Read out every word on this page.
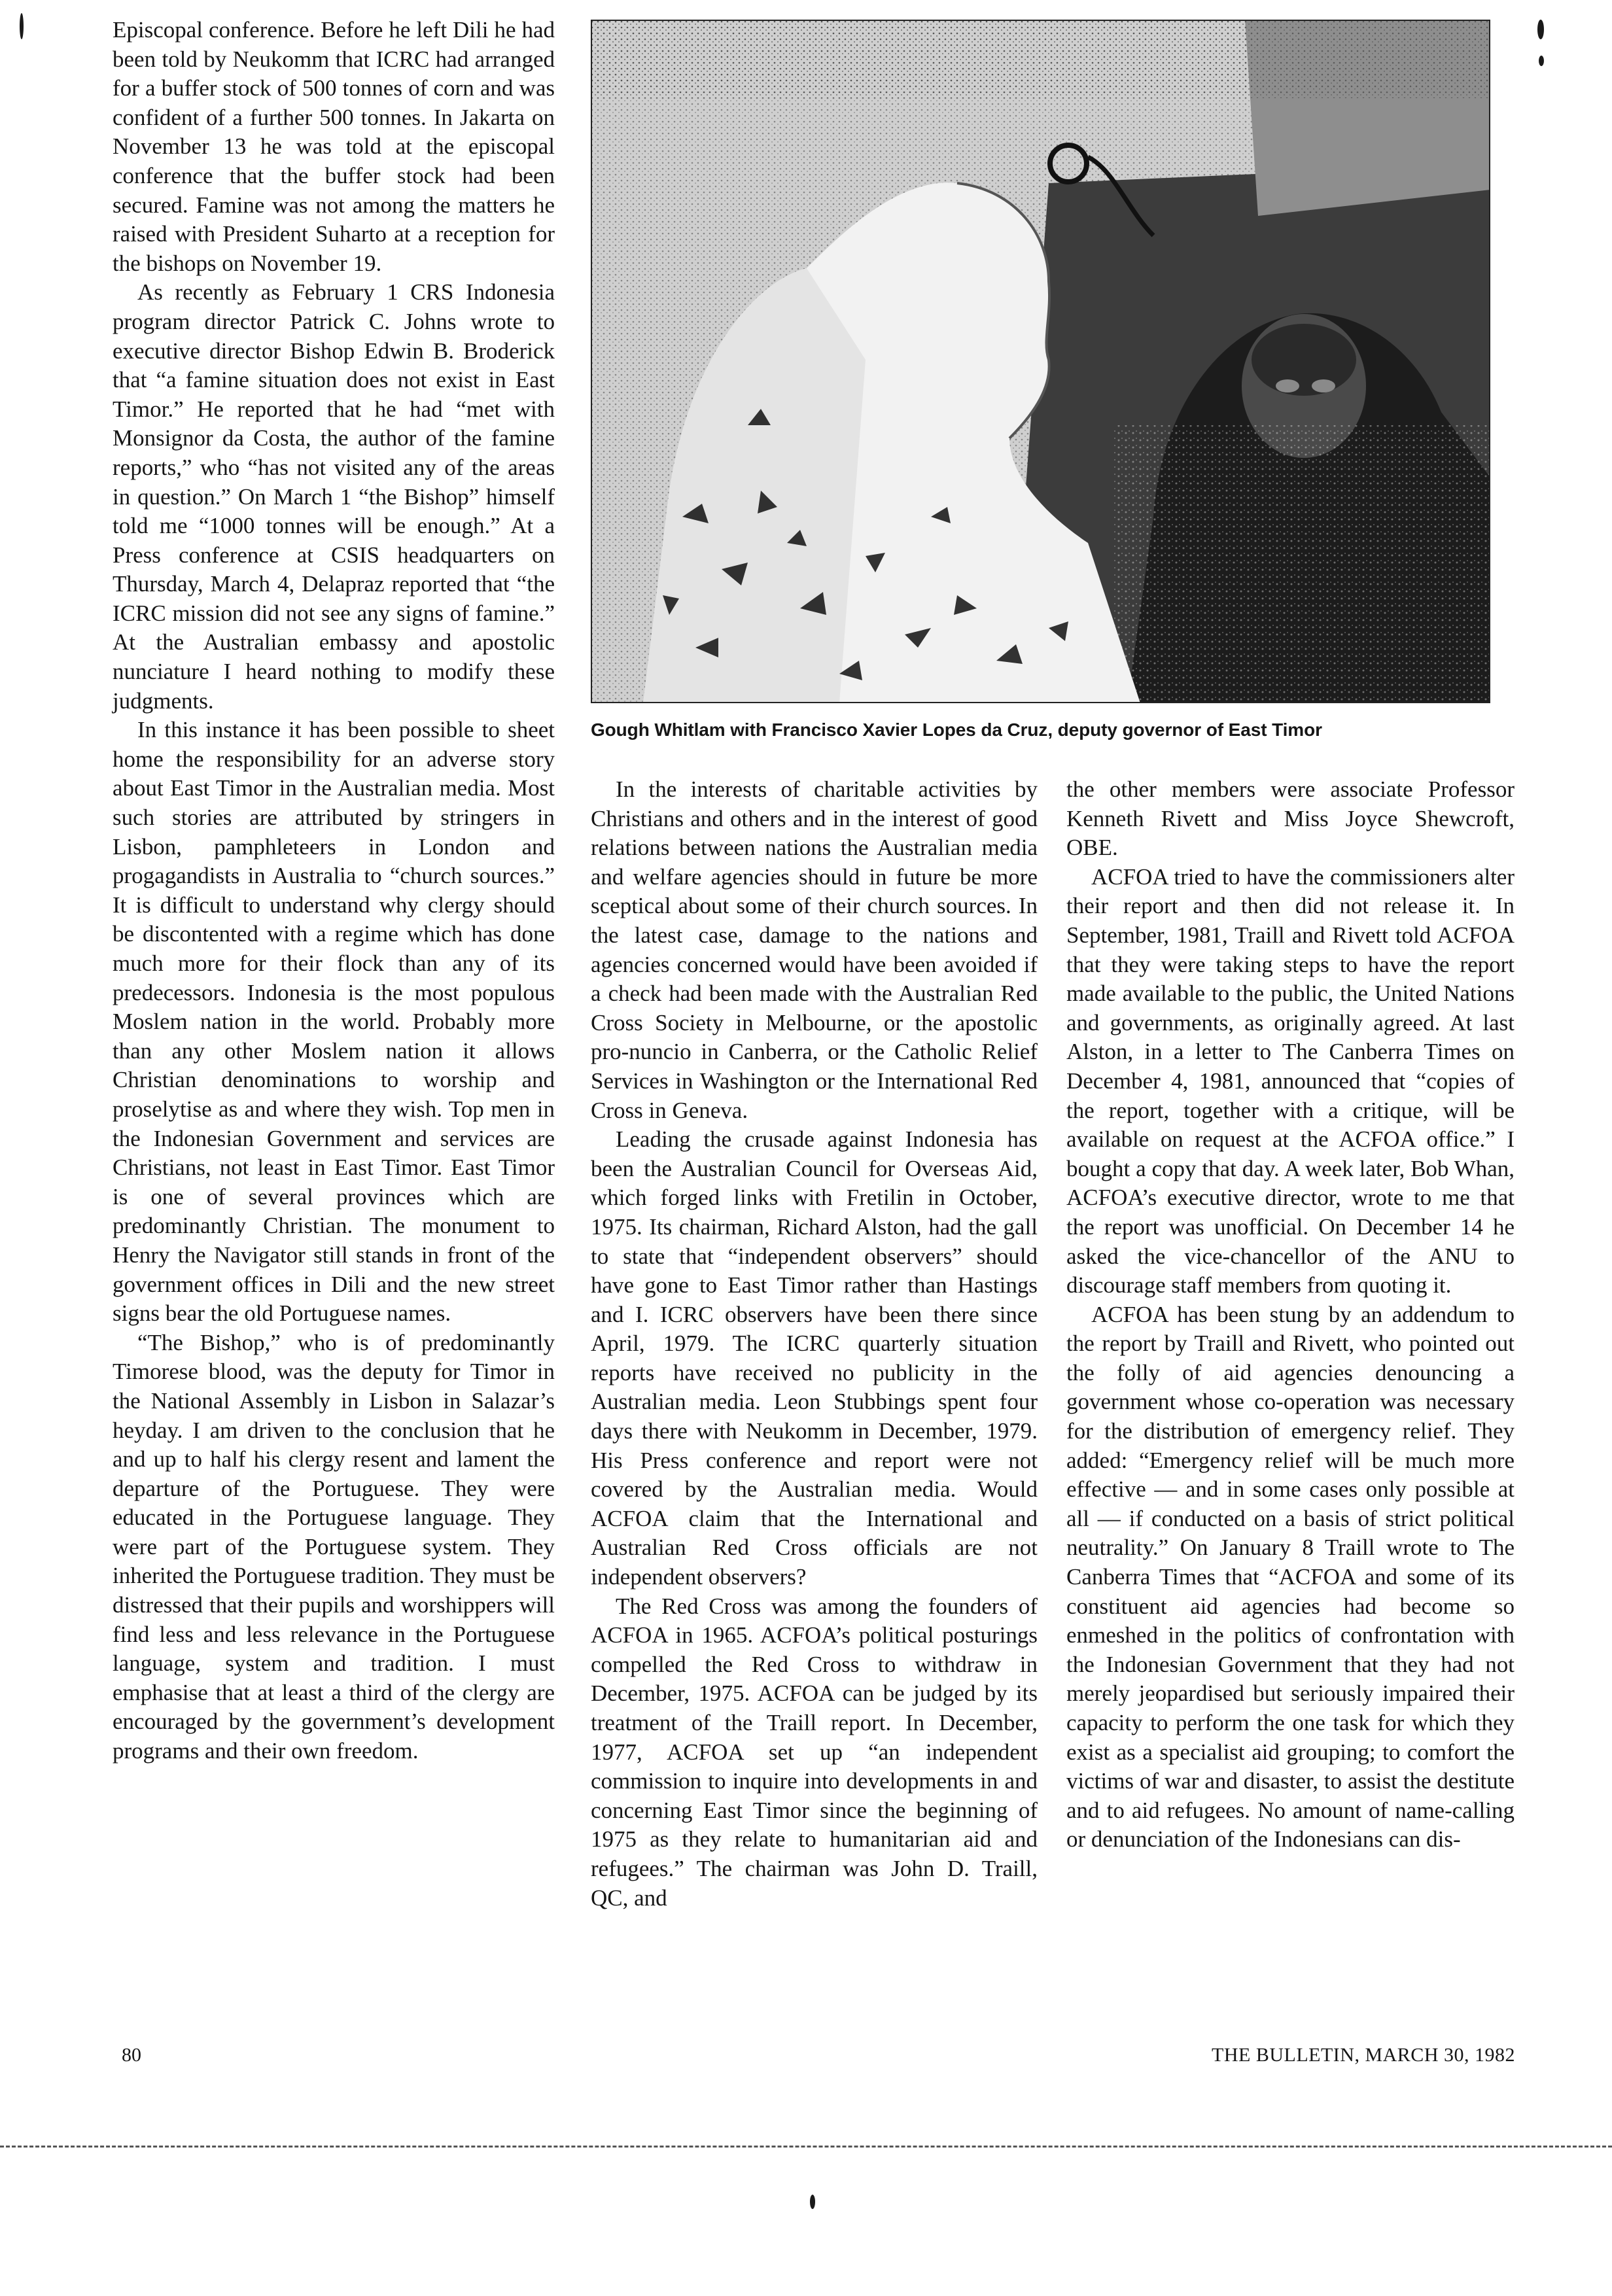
Episcopal conference. Before he left Dili he had been told by Neukomm that ICRC had arranged for a buffer stock of 500 tonnes of corn and was confident of a further 500 tonnes. In Jakarta on November 13 he was told at the episcopal conference that the buffer stock had been secured. Famine was not among the matters he raised with President Suharto at a reception for the bishops on November 19.

As recently as February 1 CRS Indonesia program director Patrick C. Johns wrote to executive director Bishop Edwin B. Broderick that “a famine situation does not exist in East Timor.” He reported that he had “met with Monsignor da Costa, the author of the famine reports,” who “has not visited any of the areas in question.” On March 1 “the Bishop” himself told me “1000 tonnes will be enough.” At a Press conference at CSIS headquarters on Thursday, March 4, Delapraz reported that “the ICRC mission did not see any signs of famine.” At the Australian embassy and apostolic nunciature I heard nothing to modify these judgments.

In this instance it has been possible to sheet home the responsibility for an adverse story about East Timor in the Australian media. Most such stories are attributed by stringers in Lisbon, pamphleteers in London and progagandists in Australia to “church sources.” It is difficult to understand why clergy should be discontented with a regime which has done much more for their flock than any of its predecessors. Indonesia is the most populous Moslem nation in the world. Probably more than any other Moslem nation it allows Christian denominations to worship and proselytise as and where they wish. Top men in the Indonesian Government and services are Christians, not least in East Timor. East Timor is one of several provinces which are predominantly Christian. The monument to Henry the Navigator still stands in front of the government offices in Dili and the new street signs bear the old Portuguese names.

“The Bishop,” who is of predominantly Timorese blood, was the deputy for Timor in the National Assembly in Lisbon in Salazar’s heyday. I am driven to the conclusion that he and up to half his clergy resent and lament the departure of the Portuguese. They were educated in the Portuguese language. They were part of the Portuguese system. They inherited the Portuguese tradition. They must be distressed that their pupils and worshippers will find less and less relevance in the Portuguese language, system and tradition. I must emphasise that at least a third of the clergy are encouraged by the government’s development programs and their own freedom.

Gough Whitlam with Francisco Xavier Lopes da Cruz, deputy governor of East Timor

In the interests of charitable activities by Christians and others and in the interest of good relations between nations the Australian media and welfare agencies should in future be more sceptical about some of their church sources. In the latest case, damage to the nations and agencies concerned would have been avoided if a check had been made with the Australian Red Cross Society in Melbourne, or the apostolic pro-nuncio in Canberra, or the Catholic Relief Services in Washington or the International Red Cross in Geneva.

Leading the crusade against Indonesia has been the Australian Council for Overseas Aid, which forged links with Fretilin in October, 1975. Its chairman, Richard Alston, had the gall to state that “independent observers” should have gone to East Timor rather than Hastings and I. ICRC observers have been there since April, 1979. The ICRC quarterly situation reports have received no publicity in the Australian media. Leon Stubbings spent four days there with Neukomm in December, 1979. His Press conference and report were not covered by the Australian media. Would ACFOA claim that the International and Australian Red Cross officials are not independent observers?

The Red Cross was among the founders of ACFOA in 1965. ACFOA’s political posturings compelled the Red Cross to withdraw in December, 1975. ACFOA can be judged by its treatment of the Traill report. In December, 1977, ACFOA set up “an independent commission to inquire into developments in and concerning East Timor since the beginning of 1975 as they relate to humanitarian aid and refugees.” The chairman was John D. Traill, QC, and

the other members were associate Professor Kenneth Rivett and Miss Joyce Shewcroft, OBE.

ACFOA tried to have the commissioners alter their report and then did not release it. In September, 1981, Traill and Rivett told ACFOA that they were taking steps to have the report made available to the public, the United Nations and governments, as originally agreed. At last Alston, in a letter to The Canberra Times on December 4, 1981, announced that “copies of the report, together with a critique, will be available on request at the ACFOA office.” I bought a copy that day. A week later, Bob Whan, ACFOA’s executive director, wrote to me that the report was unofficial. On December 14 he asked the vice-chancellor of the ANU to discourage staff members from quoting it.

ACFOA has been stung by an addendum to the report by Traill and Rivett, who pointed out the folly of aid agencies denouncing a government whose co-operation was necessary for the distribution of emergency relief. They added: “Emergency relief will be much more effective — and in some cases only possible at all — if conducted on a basis of strict political neutrality.” On January 8 Traill wrote to The Canberra Times that “ACFOA and some of its constituent aid agencies had become so enmeshed in the politics of confrontation with the Indonesian Government that they had not merely jeopardised but seriously impaired their capacity to perform the one task for which they exist as a specialist aid grouping; to comfort the victims of war and disaster, to assist the destitute and to aid refugees. No amount of name-calling or denunciation of the Indonesians can dis-

80	THE BULLETIN, MARCH 30, 1982
